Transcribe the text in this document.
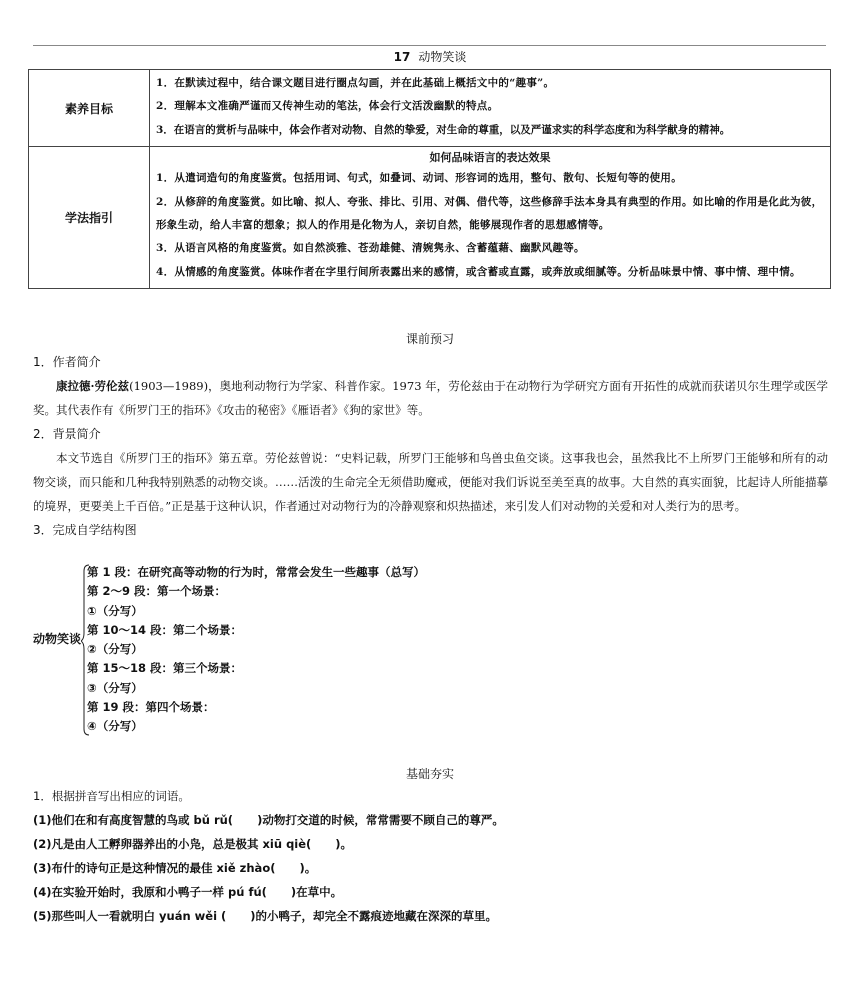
17 动物笑谈
素养目标	1．在默读过程中，结合课文题目进行圈点勾画，并在此基础上概括文中的“趣事”。
2．理解本文准确严谨而又传神生动的笔法，体会行文活泼幽默的特点。
3．在语言的赏析与品味中，体会作者对动物、自然的挚爱，对生命的尊重，以及严谨求实的科学态度和为科学献身的精神。

学法指引	如何品味语言的表达效果
1．从遣词造句的角度鉴赏。包括用词、句式，如叠词、动词、形容词的选用，整句、散句、长短句等的使用。
2．从修辞的角度鉴赏。如比喻、拟人、夸张、排比、引用、对偶、借代等，这些修辞手法本身具有典型的作用。如比喻的作用是化此为彼，形象生动，给人丰富的想象；拟人的作用是化物为人，亲切自然，能够展现作者的思想感情等。
3．从语言风格的角度鉴赏。如自然淡雅、苍劲雄健、清婉隽永、含蓄蕴藉、幽默风趣等。
4．从情感的角度鉴赏。体味作者在字里行间所表露出来的感情，或含蓄或直露，或奔放或细腻等。分析品味景中情、事中情、理中情。
课前预习
1．作者简介
康拉德·劳伦兹(1903—1989)，奥地利动物行为学家、科普作家。1973 年，劳伦兹由于在动物行为学研究方面有开拓性的成就而获诺贝尔生理学或医学奖。其代表作有《所罗门王的指环》《攻击的秘密》《雁语者》《狗的家世》等。
2．背景简介
本文节选自《所罗门王的指环》第五章。劳伦兹曾说：“史料记载，所罗门王能够和鸟兽虫鱼交谈。这事我也会，虽然我比不上所罗门王能够和所有的动物交谈，而只能和几种我特别熟悉的动物交谈。……活泼的生命完全无须借助魔戒，便能对我们诉说至美至真的故事。大自然的真实面貌，比起诗人所能描摹的境界，更要美上千百倍。”正是基于这种认识，作者通过对动物行为的冷静观察和炽热描述，来引发人们对动物的关爱和对人类行为的思考。
3．完成自学结构图
动物笑谈
第 1 段：在研究高等动物的行为时，常常会发生一些趣事（总写）
第 2～9 段：第一个场景：
①（分写）
第 10～14 段：第二个场景：
②（分写）
第 15～18 段：第三个场景：
③（分写）
第 19 段：第四个场景：
④（分写）
基础夯实
1．根据拼音写出相应的词语。
(1)他们在和有高度智慧的鸟或 bǔ rǔ( )动物打交道的时候，常常需要不顾自己的尊严。
(2)凡是由人工孵卵器养出的小凫，总是极其 xiū qiè( )。
(3)布什的诗句正是这种情况的最佳 xiě zhào( )。
(4)在实验开始时，我原和小鸭子一样 pú fú( )在草中。
(5)那些叫人一看就明白 yuán wěi ( )的小鸭子，却完全不露痕迹地藏在深深的草里。
